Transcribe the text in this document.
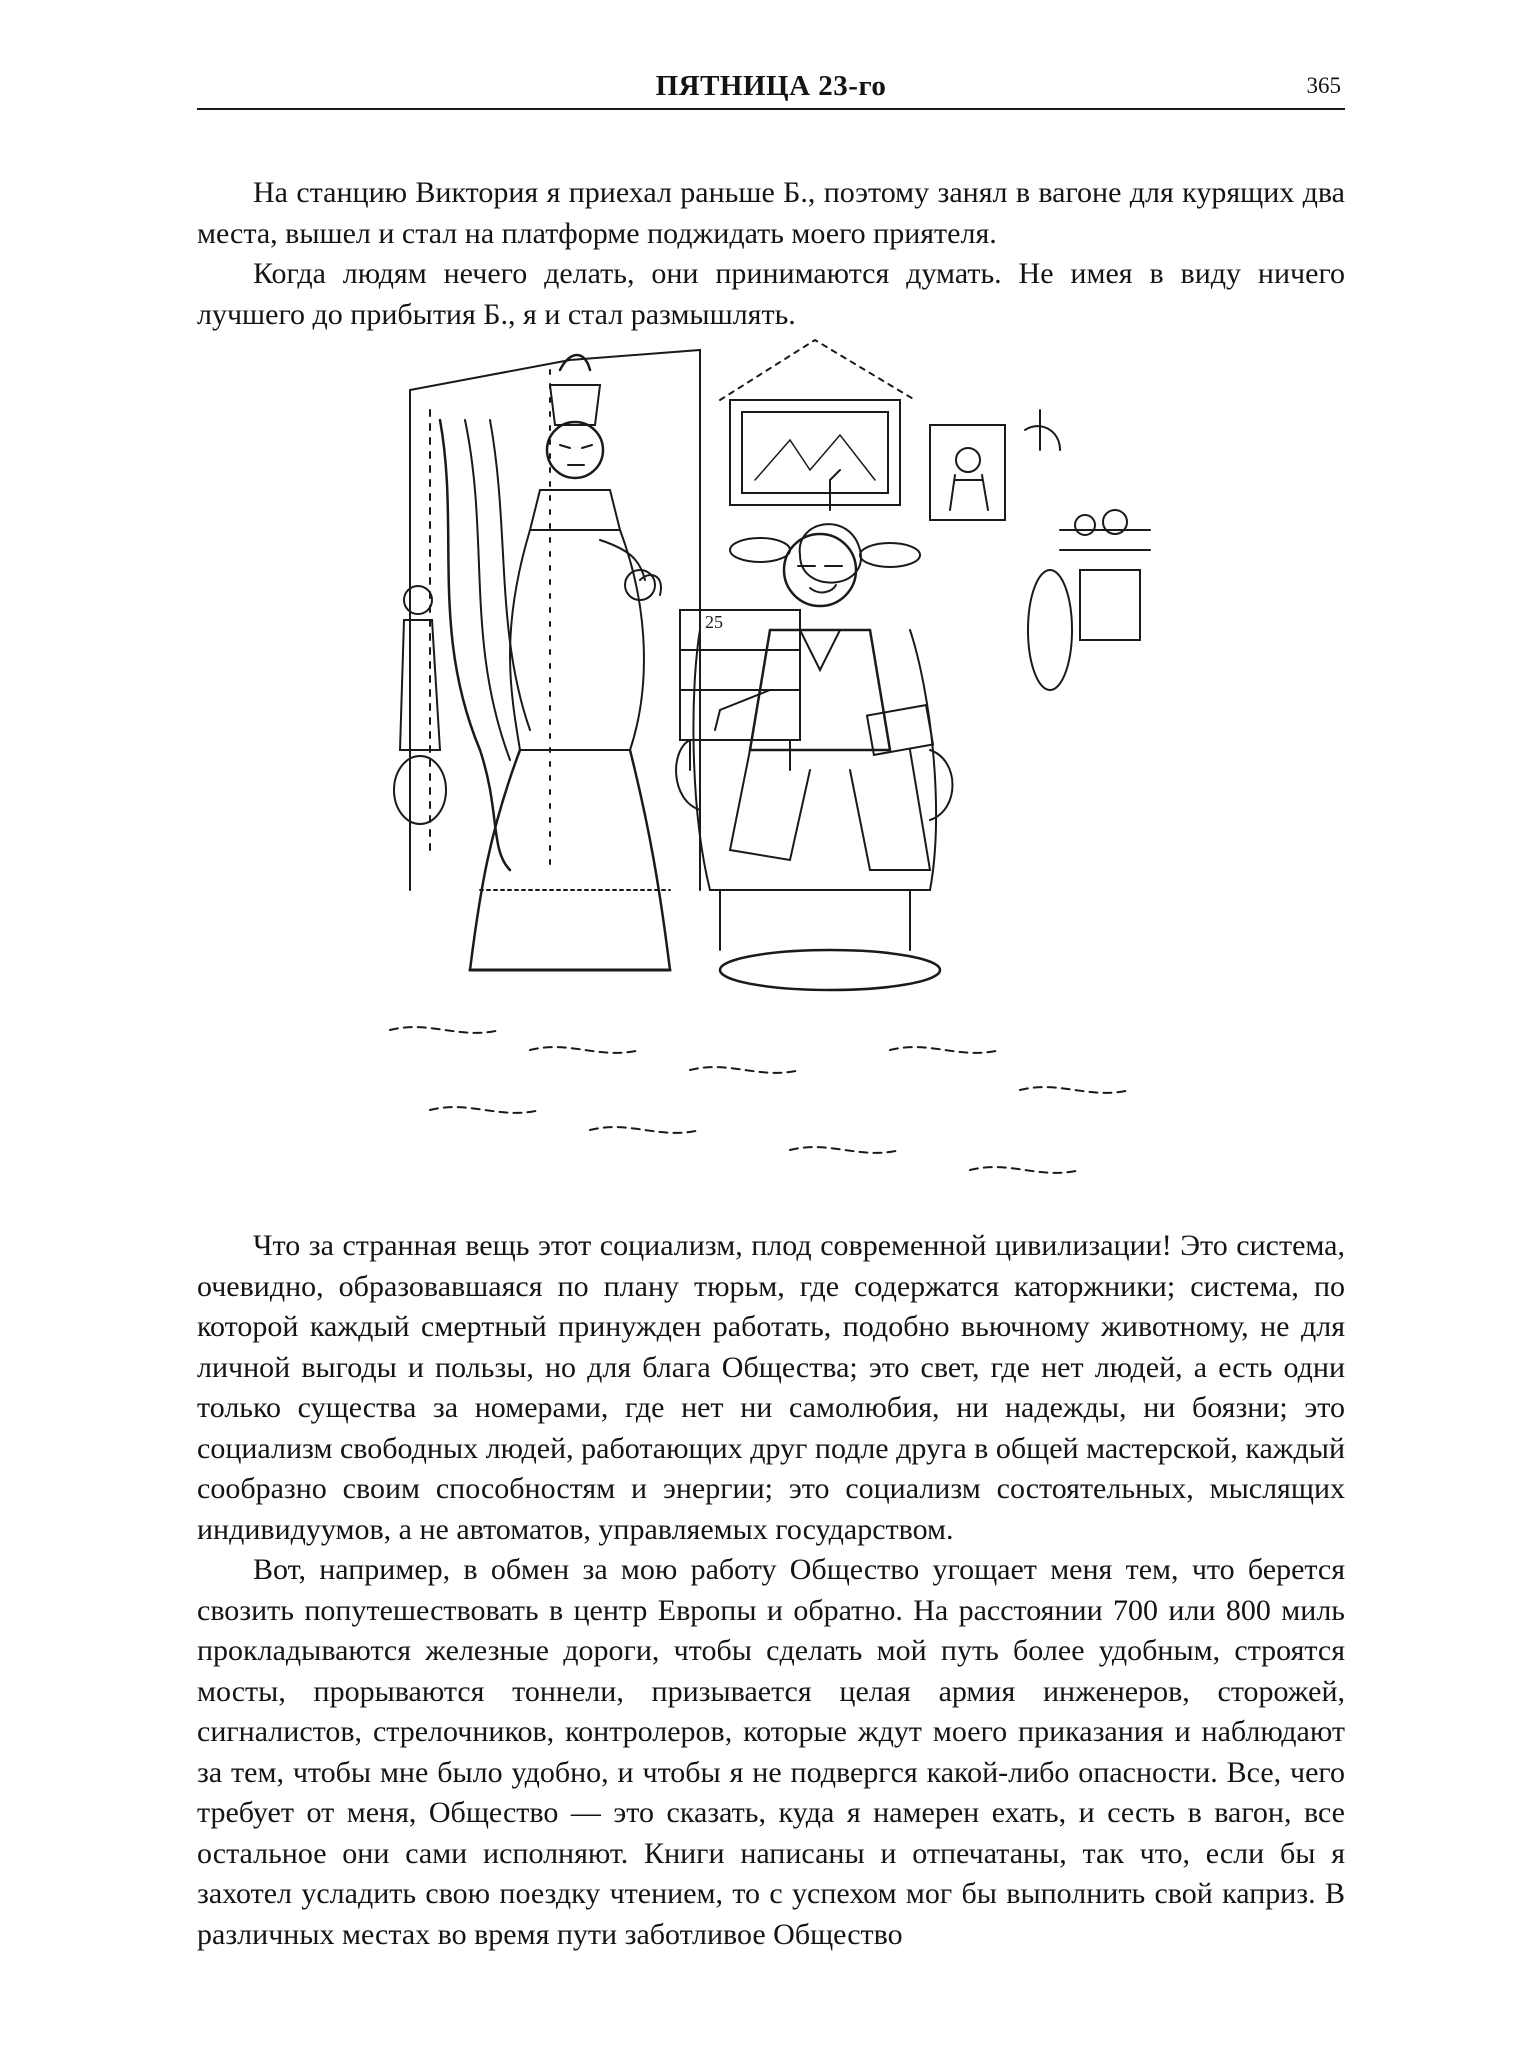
ПЯТНИЦА 23-го	365

На станцию Виктория я приехал раньше Б., поэтому занял в вагоне для курящих два места, вышел и стал на платформе поджидать моего приятеля.

Когда людям нечего делать, они принимаются думать. Не имея в виду ничего лучшего до прибытия Б., я и стал размышлять.

25

Что за странная вещь этот социализм, плод современной цивилизации! Это система, очевидно, образовавшаяся по плану тюрьм, где содержатся каторжники; система, по которой каждый смертный принужден работать, подобно вьючному животному, не для личной выгоды и пользы, но для блага Общества; это свет, где нет людей, а есть одни только существа за номерами, где нет ни самолюбия, ни надежды, ни боязни; это социализм свободных людей, работающих друг подле друга в общей мастерской, каждый сообразно своим способностям и энергии; это социализм состоятельных, мыслящих индивидуумов, а не автоматов, управляемых государством.

Вот, например, в обмен за мою работу Общество угощает меня тем, что берется свозить попутешествовать в центр Европы и обратно. На расстоянии 700 или 800 миль прокладываются железные дороги, чтобы сделать мой путь более удобным, строятся мосты, прорываются тоннели, призывается целая армия инженеров, сторожей, сигналистов, стрелочников, контролеров, которые ждут моего приказания и наблюдают за тем, чтобы мне было удобно, и чтобы я не подвергся какой-либо опасности. Все, чего требует от меня, Общество — это сказать, куда я намерен ехать, и сесть в вагон, все остальное они сами исполняют. Книги написаны и отпечатаны, так что, если бы я захотел усладить свою поездку чтением, то с успехом мог бы выполнить свой каприз. В различных местах во время пути заботливое Общество
